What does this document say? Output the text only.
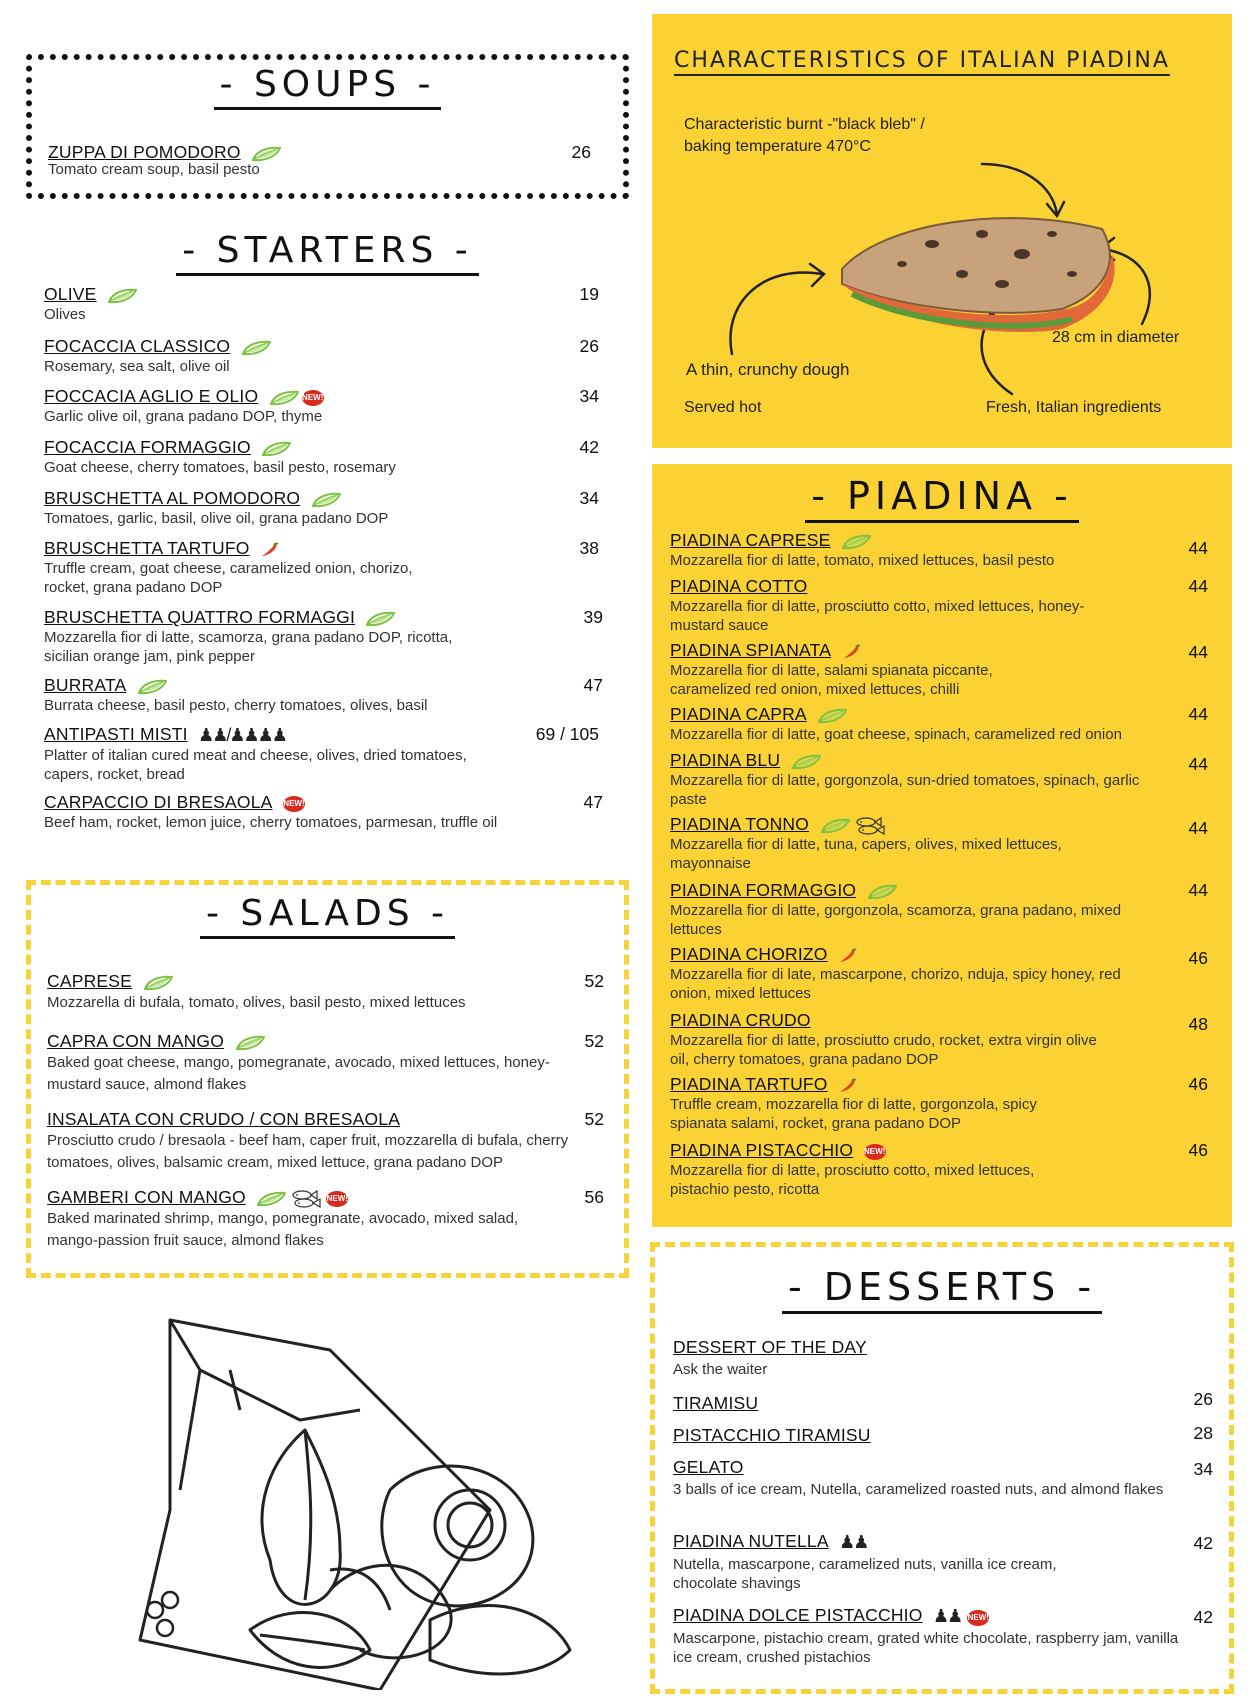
- SOUPS -
ZUPPA DI POMODORO
Tomato cream soup, basil pesto
26
- STARTERS -
OLIVE
Olives
19
FOCACCIA CLASSICO
Rosemary, sea salt, olive oil
26
FOCCACIA AGLIO E OLIO	NEW!
Garlic olive oil, grana padano DOP, thyme
34
FOCACCIA FORMAGGIO
Goat cheese, cherry tomatoes, basil pesto, rosemary
42
BRUSCHETTA AL POMODORO
Tomatoes, garlic, basil, olive oil, grana padano DOP
34
BRUSCHETTA TARTUFO
Truffle cream, goat cheese, caramelized onion, chorizo, rocket, grana padano DOP
38
BRUSCHETTA QUATTRO FORMAGGI
Mozzarella fior di latte, scamorza, grana padano DOP, ricotta, sicilian orange jam, pink pepper
39
BURRATA
Burrata cheese, basil pesto, cherry tomatoes, olives, basil
47
ANTIPASTI MISTI ♟♟/♟♟♟♟
Platter of italian cured meat and cheese, olives, dried tomatoes, capers, rocket, bread
69 / 105
CARPACCIO DI BRESAOLA NEW!
Beef ham, rocket, lemon juice, cherry tomatoes, parmesan, truffle oil
47
- SALADS -
CAPRESE
Mozzarella di bufala, tomato, olives, basil pesto, mixed lettuces
52
CAPRA CON MANGO
Baked goat cheese, mango, pomegranate, avocado, mixed lettuces, honey-mustard sauce, almond flakes
52
INSALATA CON CRUDO / CON BRESAOLA
Prosciutto crudo / bresaola - beef ham, caper fruit, mozzarella di bufala, cherry tomatoes, olives, balsamic cream, mixed lettuce, grana padano DOP
52
GAMBERI CON MANGO	NEW!
Baked marinated shrimp, mango, pomegranate, avocado, mixed salad, mango-passion fruit sauce, almond flakes
56
CHARACTERISTICS OF ITALIAN PIADINA
Characteristic burnt -"black bleb" / baking temperature 470°C
28 cm in diameter
A thin, crunchy dough
Served hot	Fresh, Italian ingredients
- PIADINA -
PIADINA CAPRESE
Mozzarella fior di latte, tomato, mixed lettuces, basil pesto
44
PIADINA COTTO
Mozzarella fior di latte, prosciutto cotto, mixed lettuces, honey-mustard sauce
44
PIADINA SPIANATA
Mozzarella fior di latte, salami spianata piccante, caramelized red onion, mixed lettuces, chilli
44
PIADINA CAPRA
Mozzarella fior di latte, goat cheese, spinach, caramelized red onion
44
PIADINA BLU
Mozzarella fior di latte, gorgonzola, sun-dried tomatoes, spinach, garlic paste
44
PIADINA TONNO
Mozzarella fior di latte, tuna, capers, olives, mixed lettuces, mayonnaise
44
PIADINA FORMAGGIO
Mozzarella fior di latte, gorgonzola, scamorza, grana padano, mixed lettuces
44
PIADINA CHORIZO
Mozzarella fior di late, mascarpone, chorizo, nduja, spicy honey, red onion, mixed lettuces
46
PIADINA CRUDO
Mozzarella fior di latte, prosciutto crudo, rocket, extra virgin olive oil, cherry tomatoes, grana padano DOP
48
PIADINA TARTUFO
Truffle cream, mozzarella fior di latte, gorgonzola, spicy spianata salami, rocket, grana padano DOP
46
PIADINA PISTACCHIO NEW!
Mozzarella fior di latte, prosciutto cotto, mixed lettuces, pistachio pesto, ricotta
46
- DESSERTS -
DESSERT OF THE DAY
Ask the waiter
TIRAMISU	26
PISTACCHIO TIRAMISU	28
GELATO
3 balls of ice cream, Nutella, caramelized roasted nuts, and almond flakes
34
PIADINA NUTELLA ♟♟
Nutella, mascarpone, caramelized nuts, vanilla ice cream, chocolate shavings
42
PIADINA DOLCE PISTACCHIO ♟♟ NEW!
Mascarpone, pistachio cream, grated white chocolate, raspberry jam, vanilla ice cream, crushed pistachios
42
